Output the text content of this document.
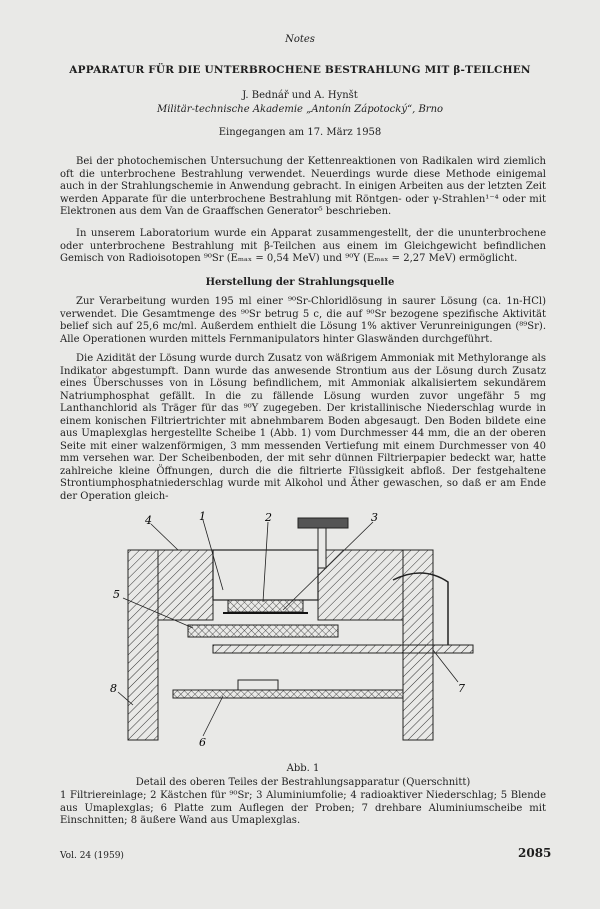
Notes
APPARATUR FÜR DIE UNTERBROCHENE BESTRAHLUNG MIT β-TEILCHEN
J. Bednář und A. Hynšt
Militär-technische Akademie „Antonín Zápotocký“, Brno
Eingegangen am 17. März 1958

Bei der photochemischen Untersuchung der Kettenreaktionen von Radikalen wird ziemlich oft die unterbrochene Bestrahlung verwendet. Neuerdings wurde diese Methode einigemal auch in der Strahlungschemie in Anwendung gebracht. In einigen Arbeiten aus der letzten Zeit werden Apparate für die unterbrochene Bestrahlung mit Röntgen- oder γ-Strahlen¹⁻⁴ oder mit Elektronen aus dem Van de Graaffschen Generator⁵ beschrieben.

In unserem Laboratorium wurde ein Apparat zusammengestellt, der die ununterbrochene oder unterbrochene Bestrahlung mit β-Teilchen aus einem im Gleichgewicht befindlichen Gemisch von Radioisotopen ⁹⁰Sr (Eₘₐₓ = 0,54 MeV) und ⁹⁰Y (Eₘₐₓ = 2,27 MeV) ermöglicht.

Herstellung der Strahlungsquelle

Zur Verarbeitung wurden 195 ml einer ⁹⁰Sr-Chloridlösung in saurer Lösung (ca. 1n-HCl) verwendet. Die Gesamtmenge des ⁹⁰Sr betrug 5 c, die auf ⁹⁰Sr bezogene spezifische Aktivität belief sich auf 25,6 mc/ml. Außerdem enthielt die Lösung 1% aktiver Verunreinigungen (⁸⁹Sr). Alle Operationen wurden mittels Fernmanipulators hinter Glaswänden durchgeführt.

Die Azidität der Lösung wurde durch Zusatz von wäßrigem Ammoniak mit Methylorange als Indikator abgestumpft. Dann wurde das anwesende Strontium aus der Lösung durch Zusatz eines Überschusses von in Lösung befindlichem, mit Ammoniak alkalisiertem sekundärem Natriumphosphat gefällt. In die zu fällende Lösung wurden zuvor ungefähr 5 mg Lanthanchlorid als Träger für das ⁹⁰Y zugegeben. Der kristallinische Niederschlag wurde in einem konischen Filtriertrichter mit abnehmbarem Boden abgesaugt. Den Boden bildete eine aus Umaplexglas hergestellte Scheibe 1 (Abb. 1) vom Durchmesser 44 mm, die an der oberen Seite mit einer walzenförmigen, 3 mm messenden Vertiefung mit einem Durchmesser von 40 mm versehen war. Der Scheibenboden, der mit sehr dünnen Filtrierpapier bedeckt war, hatte zahlreiche kleine Öffnungen, durch die die filtrierte Flüssigkeit abfloß. Der festgehaltene Strontiumphosphatniederschlag wurde mit Alkohol und Äther gewaschen, so daß er am Ende der Operation gleich-

4	1	2	3
5
7
8
6
Abb. 1
Detail des oberen Teiles der Bestrahlungsapparatur (Querschnitt)
1 Filtriereinlage; 2 Kästchen für ⁹⁰Sr; 3 Aluminiumfolie; 4 radioaktiver Niederschlag; 5 Blende aus Umaplexglas; 6 Platte zum Auflegen der Proben; 7 drehbare Aluminiumscheibe mit Einschnitten; 8 äußere Wand aus Umaplexglas.
Vol. 24 (1959)	2085
